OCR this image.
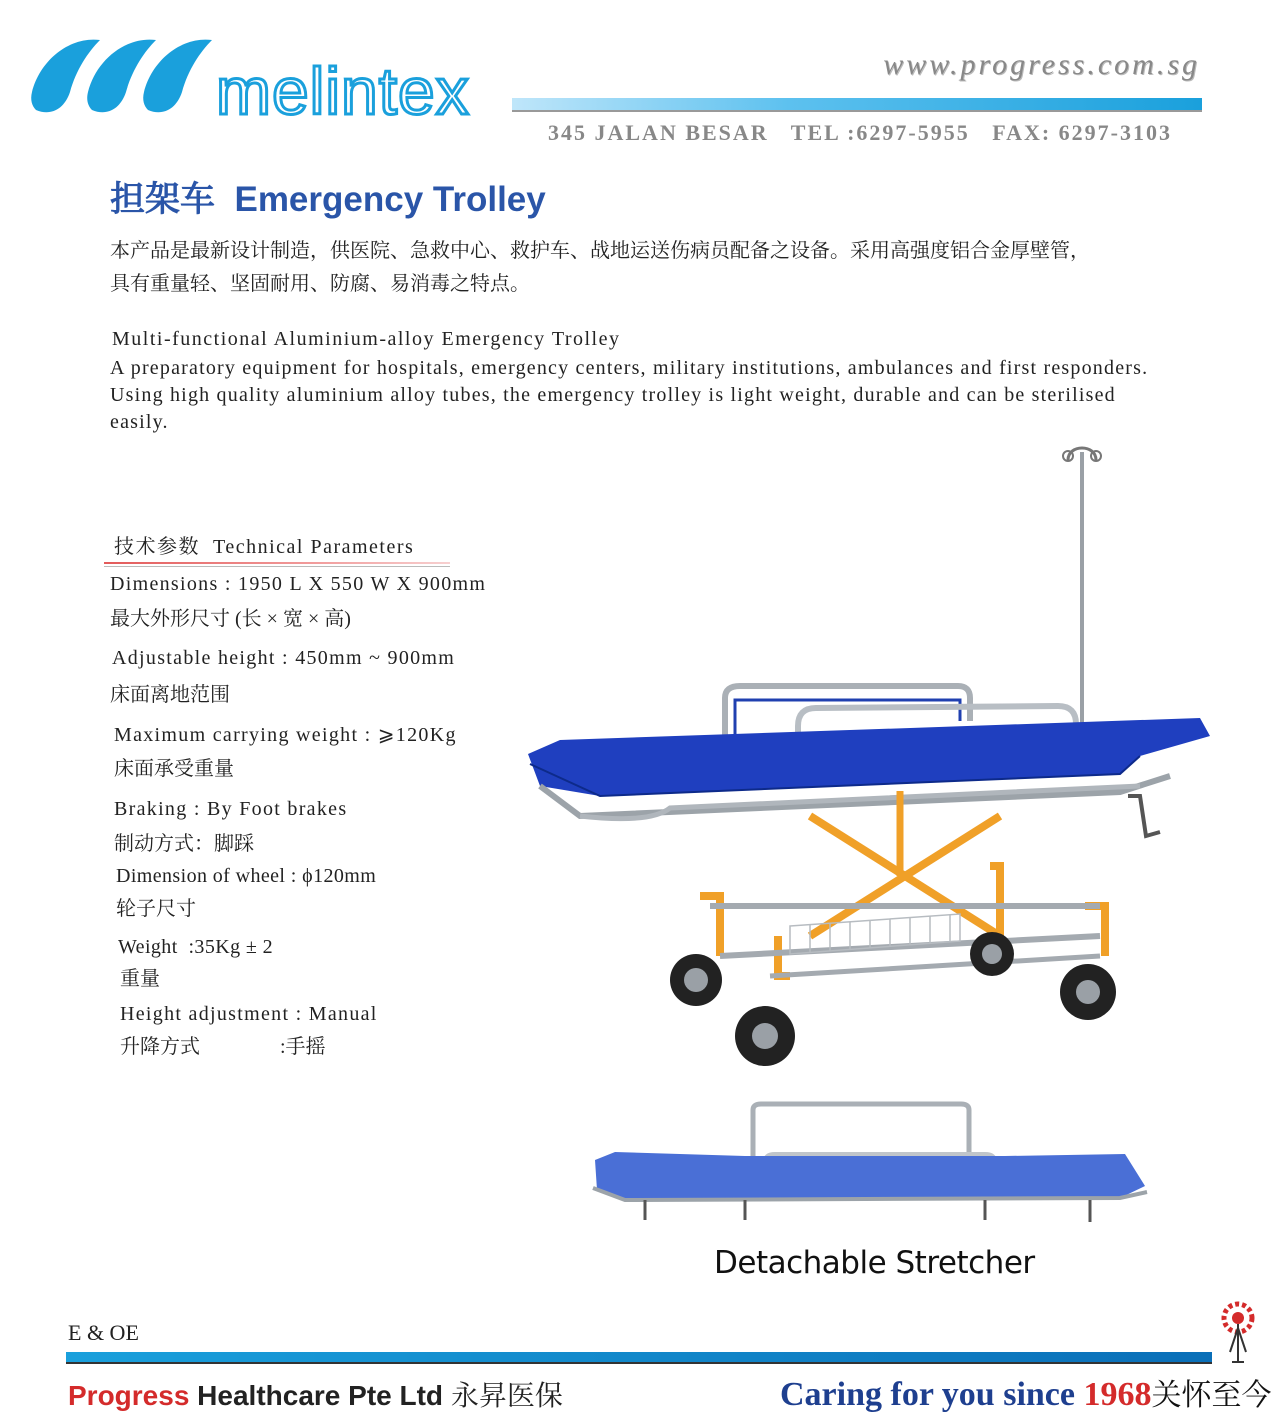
melintex	www.progress.com.sg
345 JALAN BESAR   TEL :6297-5955   FAX: 6297-3103
担架车 Emergency Trolley
本产品是最新设计制造，供医院、急救中心、救护车、战地运送伤病员配备之设备。采用高强度铝合金厚壁管，
具有重量轻、坚固耐用、防腐、易消毒之特点。
Multi-functional Aluminium-alloy Emergency Trolley
A preparatory equipment for hospitals, emergency centers, military institutions, ambulances and first responders. Using high quality aluminium alloy tubes, the emergency trolley is light weight, durable and can be sterilised easily.
技术参数 Technical Parameters
Dimensions : 1950 L X 550 W X 900mm
最大外形尺寸 (长 × 宽 × 高)
Adjustable height : 450mm ~ 900mm
床面离地范围
Maximum carrying weight : ⩾120Kg
床面承受重量
Braking : By Foot brakes
制动方式：脚踩
Dimension of wheel : ϕ120mm
轮子尺寸
Weight  :35Kg ± 2
重量
Height adjustment : Manual
升降方式                :手摇
Detachable Stretcher
E & OE
Progress Healthcare Pte Ltd 永昇医保	Caring for you since 1968关怀至今
